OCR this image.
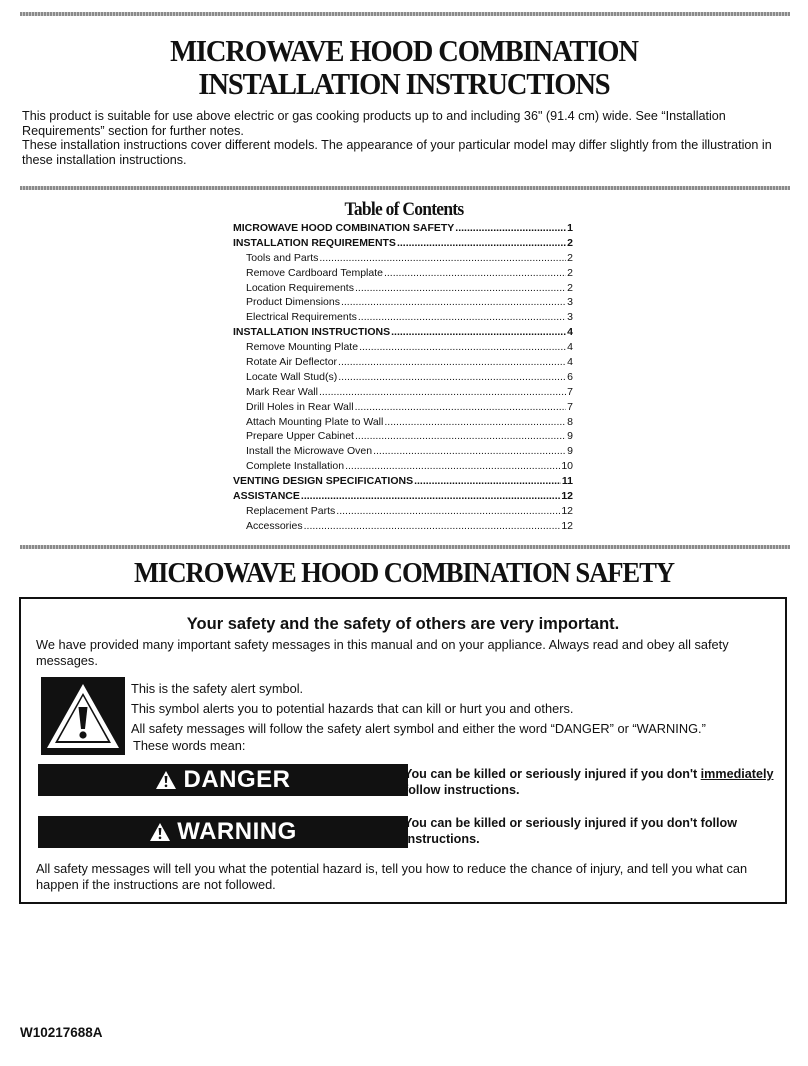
MICROWAVE HOOD COMBINATION
INSTALLATION INSTRUCTIONS

This product is suitable for use above electric or gas cooking products up to and including 36" (91.4 cm) wide. See “Installation Requirements” section for further notes.

These installation instructions cover different models. The appearance of your particular model may differ slightly from the illustration in these installation instructions.

Table of Contents
MICROWAVE HOOD COMBINATION SAFETY .....	1
INSTALLATION REQUIREMENTS .....	2
Tools and Parts .....	2
Remove Cardboard Template .....	2
Location Requirements .....	2
Product Dimensions .....	3
Electrical Requirements .....	3
INSTALLATION INSTRUCTIONS .....	4
Remove Mounting Plate .....	4
Rotate Air Deflector .....	4
Locate Wall Stud(s) .....	6
Mark Rear Wall .....	7
Drill Holes in Rear Wall .....	7
Attach Mounting Plate to Wall .....	8
Prepare Upper Cabinet .....	9
Install the Microwave Oven .....	9
Complete Installation .....	10
VENTING DESIGN SPECIFICATIONS .....	11
ASSISTANCE .....	12
Replacement Parts .....	12
Accessories .....	12
MICROWAVE HOOD COMBINATION SAFETY
Your safety and the safety of others are very important.
We have provided many important safety messages in this manual and on your appliance. Always read and obey all safety messages.
This is the safety alert symbol.
This symbol alerts you to potential hazards that can kill or hurt you and others.
All safety messages will follow the safety alert symbol and either the word “DANGER” or “WARNING.”
These words mean:
DANGER	You can be killed or seriously injured if you don't immediately
follow instructions.
WARNING	You can be killed or seriously injured if you don't follow
instructions.
All safety messages will tell you what the potential hazard is, tell you how to reduce the chance of injury, and tell you what can happen if the instructions are not followed.
W10217688A
